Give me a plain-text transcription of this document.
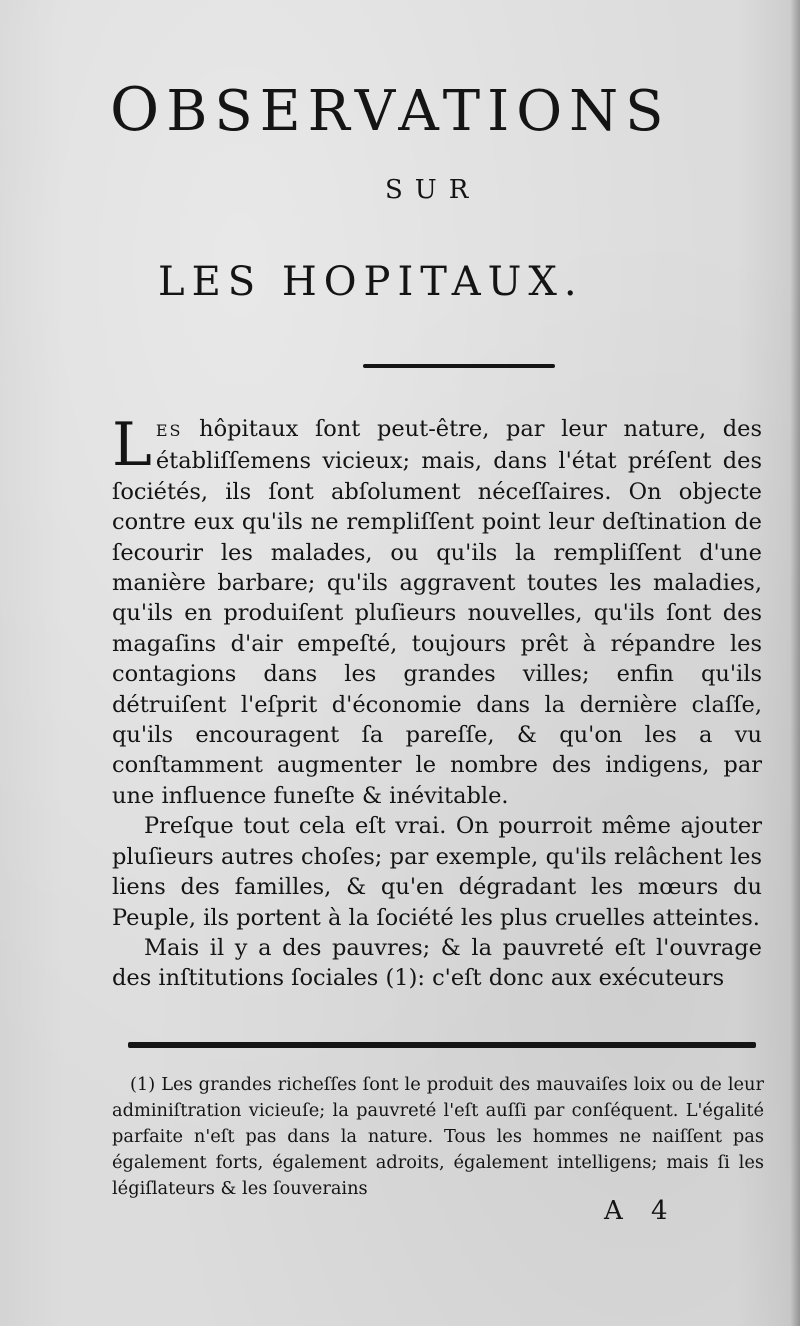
OBSERVATIONS
SUR
LES HOPITAUX.

LES hôpitaux ſont peut-être, par leur nature, des établiſſemens vicieux; mais, dans l'état préſent des ſociétés, ils ſont abſolument néceſſaires. On objecte contre eux qu'ils ne rempliſſent point leur deſtination de ſecourir les malades, ou qu'ils la rempliſſent d'une manière barbare; qu'ils aggravent toutes les maladies, qu'ils en produiſent pluſieurs nouvelles, qu'ils ſont des magaſins d'air empeſté, toujours prêt à répandre les contagions dans les grandes villes; enfin qu'ils détruiſent l'eſprit d'économie dans la dernière claſſe, qu'ils encouragent ſa pareſſe, & qu'on les a vu conſtamment augmenter le nombre des indigens, par une influence funeſte & inévitable.

Preſque tout cela eſt vrai. On pourroit même ajouter pluſieurs autres choſes; par exemple, qu'ils relâchent les liens des familles, & qu'en dégradant les mœurs du Peuple, ils portent à la ſociété les plus cruelles atteintes.

Mais il y a des pauvres; & la pauvreté eſt l'ouvrage des inſtitutions ſociales (1): c'eſt donc aux exécuteurs

(1) Les grandes richeſſes ſont le produit des mauvaiſes loix ou de leur adminiſtration vicieuſe; la pauvreté l'eſt auſſi par conſéquent. L'égalité parfaite n'eſt pas dans la nature. Tous les hommes ne naiſſent pas également forts, également adroits, également intelligens; mais ſi les légiſlateurs & les ſouverains
A 4
